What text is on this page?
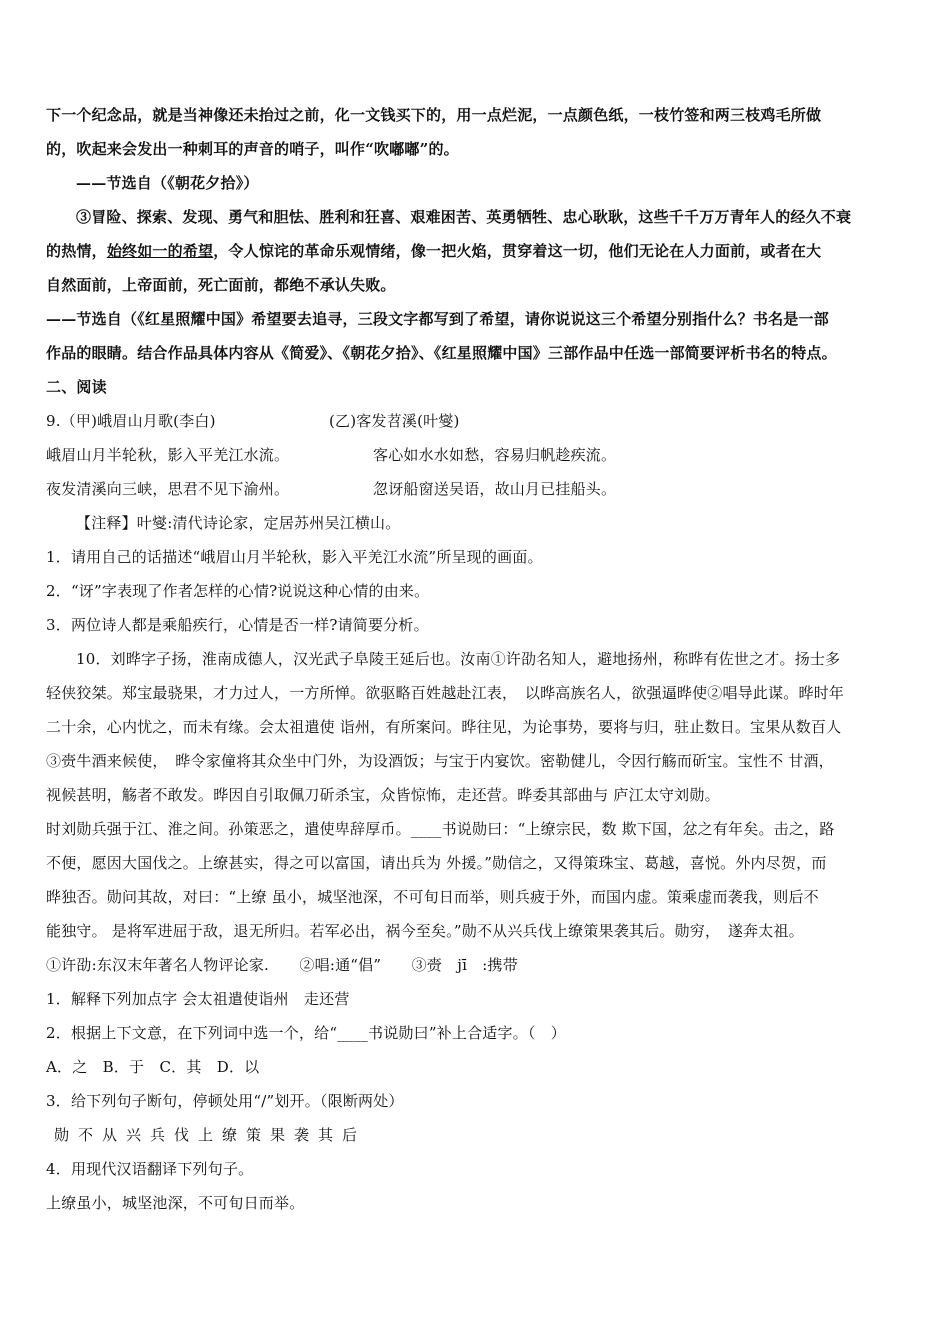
下一个纪念品，就是当神像还未抬过之前，化一文钱买下的，用一点烂泥，一点颜色纸，一枝竹签和两三枝鸡毛所做
的，吹起来会发出一种刺耳的声音的哨子，叫作“吹嘟嘟”的。
——节选自（《朝花夕拾》）
③冒险、探索、发现、勇气和胆怯、胜利和狂喜、艰难困苦、英勇牺牲、忠心耿耿，这些千千万万青年人的经久不衰
的热情，始终如一的希望，令人惊诧的革命乐观情绪，像一把火焰，贯穿着这一切，他们无论在人力面前，或者在大
自然面前，上帝面前，死亡面前，都绝不承认失败。
——节选自（《红星照耀中国》希望要去追寻，三段文字都写到了希望，请你说说这三个希望分别指什么？书名是一部
作品的眼睛。结合作品具体内容从《简爱》、《朝花夕拾》、《红星照耀中国》三部作品中任选一部简要评析书名的特点。
二、阅读
9.（甲)峨眉山月歌(李白)	(乙)客发苕溪(叶燮)
峨眉山月半轮秋，影入平羌江水流。	客心如水水如愁，容易归帆趁疾流。
夜发清溪向三峡，思君不见下渝州。	忽讶船窗送吴语，故山月已挂船头。
【注释】叶燮:清代诗论家，定居苏州吴江横山。
1．请用自己的话描述“峨眉山月半轮秋，影入平羌江水流”所呈现的画面。
2．“讶”字表现了作者怎样的心情?说说这种心情的由来。
3．两位诗人都是乘船疾行，心情是否一样?请简要分析。
10．刘晔字子扬，淮南成德人，汉光武子阜陵王延后也。汝南①许劭名知人，避地扬州，称晔有佐世之才。扬士多
轻侠狡桀。郑宝最骁果，才力过人，一方所惮。欲驱略百姓越赴江表，　以晔高族名人，欲强逼晔使②唱导此谋。晔时年
二十余，心内忧之，而未有缘。会太祖遣使 诣州，有所案问。晔往见，为论事势，要将与归，驻止数日。宝果从数百人
③赍牛酒来候使，　晔令家僮将其众坐中门外，为设酒饭；与宝于内宴饮。密勒健儿，令因行觞而斫宝。宝性不 甘酒，
视候甚明，觞者不敢发。晔因自引取佩刀斫杀宝，众皆惊怖，走还营。晔委其部曲与 庐江太守刘勋。
时刘勋兵强于江、淮之间。孙策恶之，遣使卑辞厚币。____书说勋曰：“上缭宗民，数 欺下国，忿之有年矣。击之，路
不便，愿因大国伐之。上缭甚实，得之可以富国，请出兵为 外援。”勋信之，又得策珠宝、葛越，喜悦。外内尽贺，而
晔独否。勋问其故，对曰：“上缭 虽小，城坚池深，不可旬日而举，则兵疲于外，而国内虚。策乘虚而袭我，则后不
能独守。 是将军进屈于敌，退无所归。若军必出，祸今至矣。”勋不从兴兵伐上缭策果袭其后。勋穷，　遂奔太祖。
①许劭:东汉末年著名人物评论家.　　②唱:通“倡”　　③赍　jī　:携带
1．解释下列加点字 会太祖遣使诣州　走还营
2．根据上下文意，在下列词中选一个，给“____书说勋曰”补上合适字。（　）
A．之　B．于　C．其　D．以
3．给下列句子断句，停顿处用“/”划开。（限断两处）
勋不从兴兵伐上缭策果袭其后
4．用现代汉语翻译下列句子。
上缭虽小，城坚池深，不可旬日而举。
